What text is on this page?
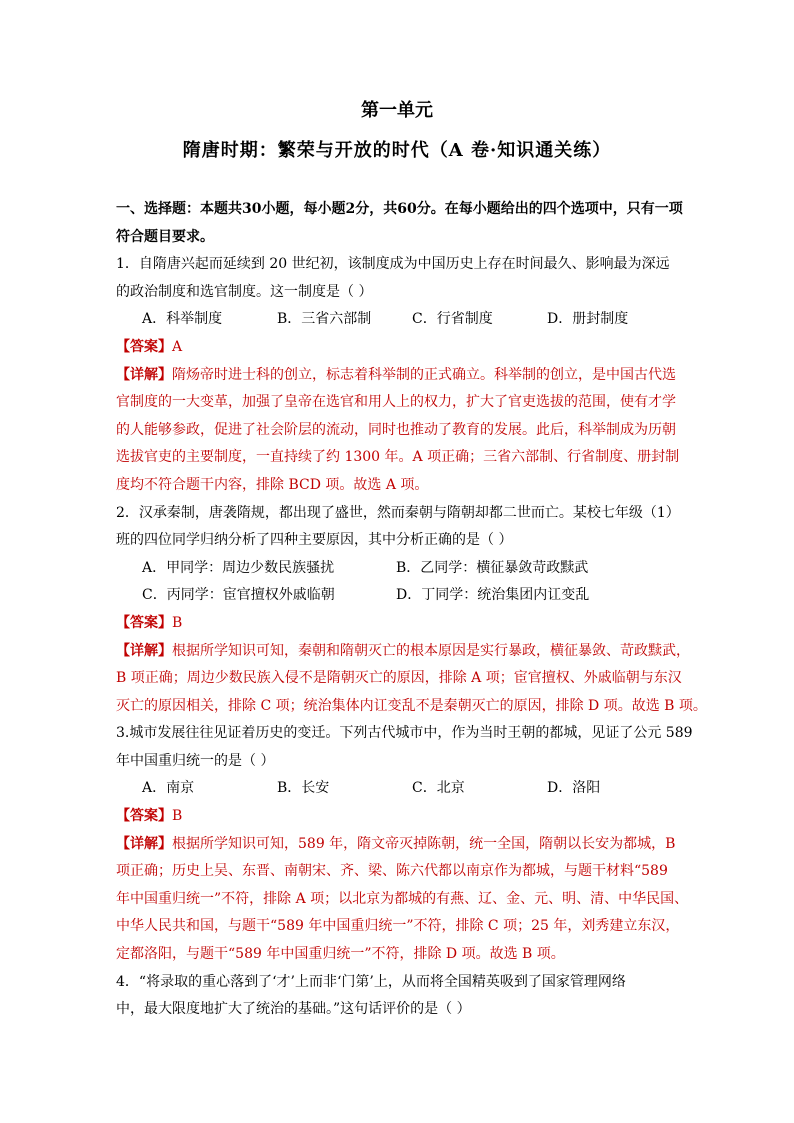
第一单元
隋唐时期：繁荣与开放的时代（A 卷·知识通关练）
一、选择题：本题共30小题，每小题2分，共60分。在每小题给出的四个选项中，只有一项
符合题目要求。
1．自隋唐兴起而延续到 20 世纪初，该制度成为中国历史上存在时间最久、影响最为深远
的政治制度和选官制度。这一制度是（ ）
A．科举制度	B．三省六部制	C．行省制度	D．册封制度
【答案】A
【详解】隋炀帝时进士科的创立，标志着科举制的正式确立。科举制的创立，是中国古代选
官制度的一大变革，加强了皇帝在选官和用人上的权力，扩大了官吏选拔的范围，使有才学
的人能够参政，促进了社会阶层的流动，同时也推动了教育的发展。此后，科举制成为历朝
选拔官吏的主要制度，一直持续了约 1300 年。A 项正确；三省六部制、行省制度、册封制
度均不符合题干内容，排除 BCD 项。故选 A 项。
2．汉承秦制，唐袭隋规，都出现了盛世，然而秦朝与隋朝却都二世而亡。某校七年级（1）
班的四位同学归纳分析了四种主要原因，其中分析正确的是（ ）
A．甲同学：周边少数民族骚扰	B．乙同学：横征暴敛苛政黩武
C．丙同学：宦官擅权外戚临朝	D．丁同学：统治集团内讧变乱
【答案】B
【详解】根据所学知识可知，秦朝和隋朝灭亡的根本原因是实行暴政，横征暴敛、苛政黩武，
B 项正确；周边少数民族入侵不是隋朝灭亡的原因，排除 A 项；宦官擅权、外戚临朝与东汉
灭亡的原因相关，排除 C 项；统治集体内讧变乱不是秦朝灭亡的原因，排除 D 项。故选 B 项。
3.城市发展往往见证着历史的变迁。下列古代城市中，作为当时王朝的都城，见证了公元 589
年中国重归统一的是（ ）
A．南京	B．长安	C．北京	D．洛阳
【答案】B
【详解】根据所学知识可知，589 年，隋文帝灭掉陈朝，统一全国，隋朝以长安为都城，B
项正确；历史上吴、东晋、南朝宋、齐、梁、陈六代都以南京作为都城，与题干材料“589
年中国重归统一”不符，排除 A 项；以北京为都城的有燕、辽、金、元、明、清、中华民国、
中华人民共和国，与题干“589 年中国重归统一”不符，排除 C 项；25 年，刘秀建立东汉，
定都洛阳，与题干“589 年中国重归统一”不符，排除 D 项。故选 B 项。
4．“将录取的重心落到了‘才’上而非‘门第’上，从而将全国精英吸到了国家管理网络
中，最大限度地扩大了统治的基础。”这句话评价的是（ ）
